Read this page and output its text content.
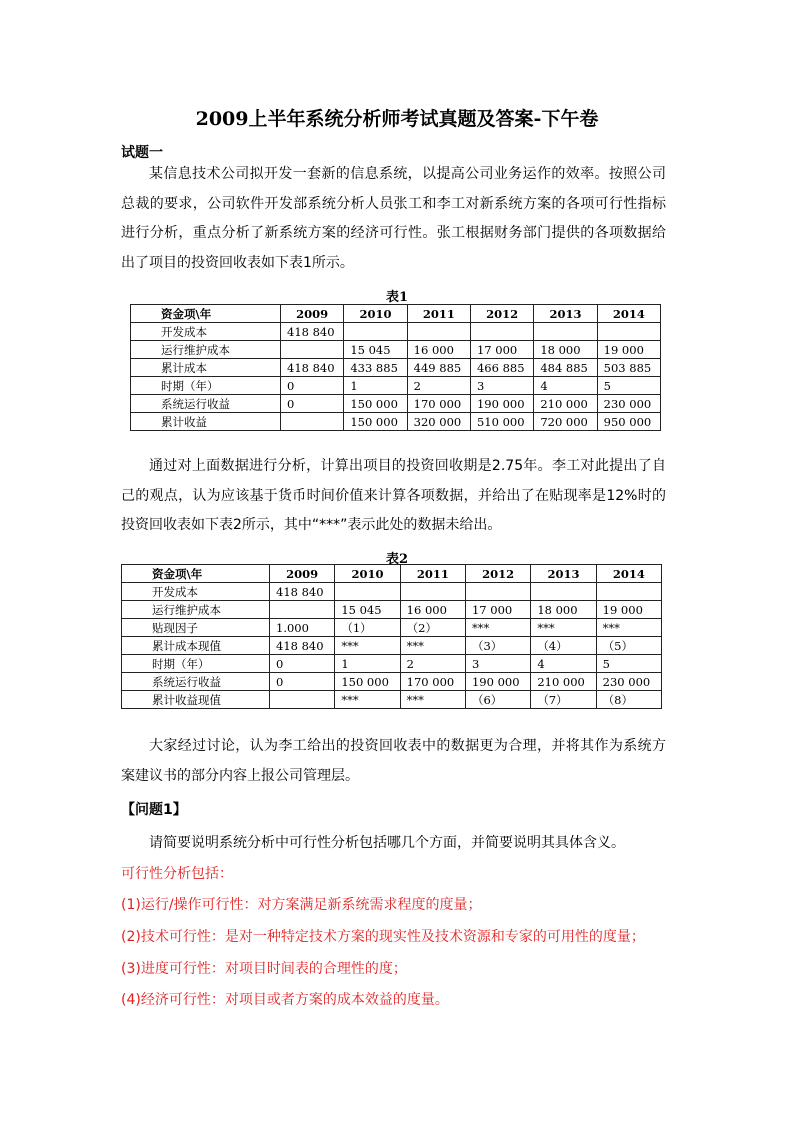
2009上半年系统分析师考试真题及答案-下午卷
试题一
某信息技术公司拟开发一套新的信息系统，以提高公司业务运作的效率。按照公司总裁的要求，公司软件开发部系统分析人员张工和李工对新系统方案的各项可行性指标进行分析，重点分析了新系统方案的经济可行性。张工根据财务部门提供的各项数据给出了项目的投资回收表如下表1所示。
表1
资金项\年	2009	2010	2011	2012	2013	2014
开发成本	418 840					
运行维护成本		15 045	16 000	17 000	18 000	19 000
累计成本	418 840	433 885	449 885	466 885	484 885	503 885
时期（年）	0	1	2	3	4	5
系统运行收益	0	150 000	170 000	190 000	210 000	230 000
累计收益		150 000	320 000	510 000	720 000	950 000
通过对上面数据进行分析，计算出项目的投资回收期是2.75年。李工对此提出了自己的观点，认为应该基于货币时间价值来计算各项数据，并给出了在贴现率是12%时的投资回收表如下表2所示，其中“***”表示此处的数据未给出。
表2
资金项\年	2009	2010	2011	2012	2013	2014
开发成本	418 840					
运行维护成本		15 045	16 000	17 000	18 000	19 000
贴现因子	1.000	（1）	（2）	***	***	***
累计成本现值	418 840	***	***	（3）	（4）	（5）
时期（年）	0	1	2	3	4	5
系统运行收益	0	150 000	170 000	190 000	210 000	230 000
累计收益现值		***	***	（6）	（7）	（8）
大家经过讨论，认为李工给出的投资回收表中的数据更为合理，并将其作为系统方案建议书的部分内容上报公司管理层。
【问题1】
请简要说明系统分析中可行性分析包括哪几个方面，并简要说明其具体含义。
可行性分析包括：
(1)运行/操作可行性：对方案满足新系统需求程度的度量；
(2)技术可行性：是对一种特定技术方案的现实性及技术资源和专家的可用性的度量；
(3)进度可行性：对项目时间表的合理性的度；
(4)经济可行性：对项目或者方案的成本效益的度量。
